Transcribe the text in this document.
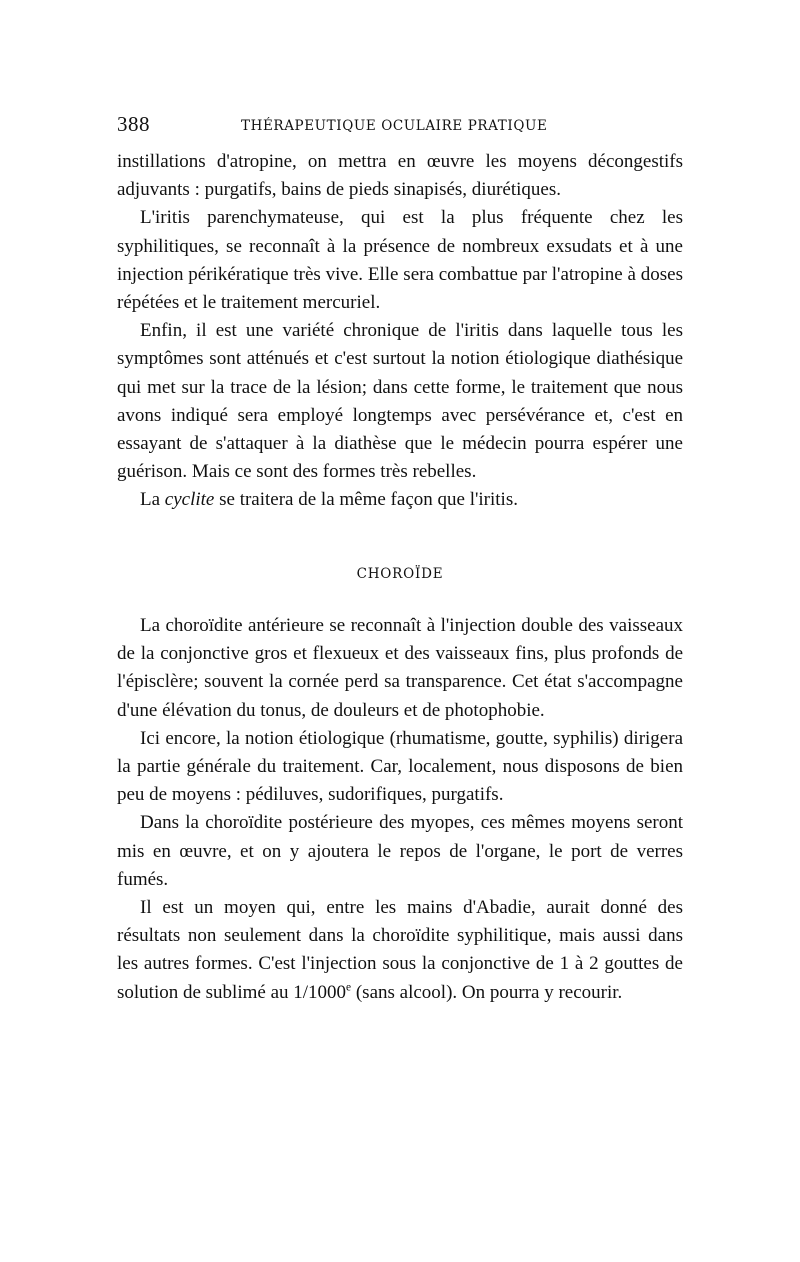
388	THÉRAPEUTIQUE OCULAIRE PRATIQUE

instillations d'atropine, on mettra en œuvre les moyens décongestifs adjuvants : purgatifs, bains de pieds sinapisés, diurétiques.

L'iritis parenchymateuse, qui est la plus fréquente chez les syphilitiques, se reconnaît à la présence de nombreux exsudats et à une injection périkératique très vive. Elle sera combattue par l'atropine à doses répétées et le traitement mercuriel.

Enfin, il est une variété chronique de l'iritis dans laquelle tous les symptômes sont atténués et c'est surtout la notion étiologique diathésique qui met sur la trace de la lésion; dans cette forme, le traitement que nous avons indiqué sera employé longtemps avec persévérance et, c'est en essayant de s'attaquer à la diathèse que le médecin pourra espérer une guérison. Mais ce sont des formes très rebelles.

La cyclite se traitera de la même façon que l'iritis.

CHOROÏDE

La choroïdite antérieure se reconnaît à l'injection double des vaisseaux de la conjonctive gros et flexueux et des vaisseaux fins, plus profonds de l'épisclère; souvent la cornée perd sa transparence. Cet état s'accompagne d'une élévation du tonus, de douleurs et de photophobie.

Ici encore, la notion étiologique (rhumatisme, goutte, syphilis) dirigera la partie générale du traitement. Car, localement, nous disposons de bien peu de moyens : pédiluves, sudorifiques, purgatifs.

Dans la choroïdite postérieure des myopes, ces mêmes moyens seront mis en œuvre, et on y ajoutera le repos de l'organe, le port de verres fumés.

Il est un moyen qui, entre les mains d'Abadie, aurait donné des résultats non seulement dans la choroïdite syphilitique, mais aussi dans les autres formes. C'est l'injection sous la conjonctive de 1 à 2 gouttes de solution de sublimé au 1/1000e (sans alcool). On pourra y recourir.
